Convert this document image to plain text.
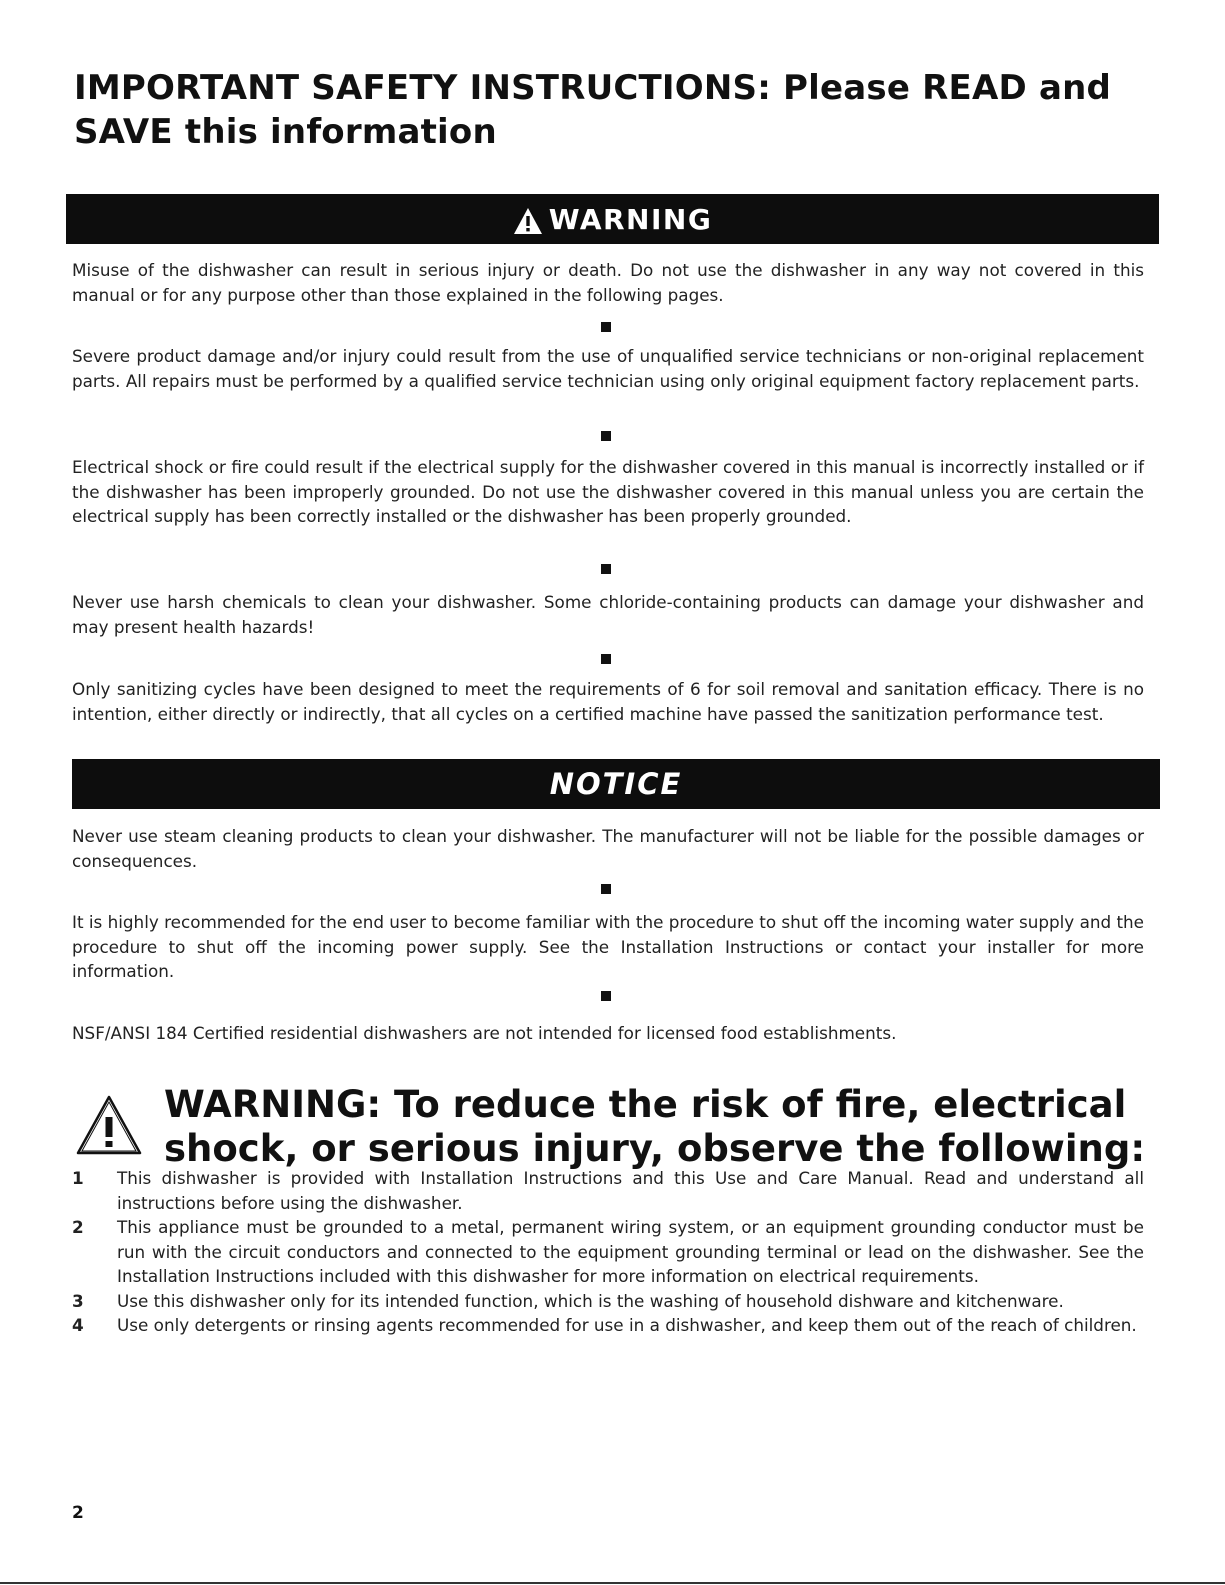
IMPORTANT SAFETY INSTRUCTIONS: Please READ and SAVE this information
WARNING

Misuse of the dishwasher can result in serious injury or death. Do not use the dishwasher in any way not covered in this manual or for any purpose other than those explained in the following pages.

Severe product damage and/or injury could result from the use of unqualified service technicians or non-original replacement parts. All repairs must be performed by a qualified service technician using only original equipment factory replacement parts.

Electrical shock or fire could result if the electrical supply for the dishwasher covered in this manual is incorrectly installed or if the dishwasher has been improperly grounded. Do not use the dishwasher covered in this manual unless you are certain the electrical supply has been correctly installed or the dishwasher has been properly grounded.

Never use harsh chemicals to clean your dishwasher. Some chloride-containing products can damage your dishwasher and may present health hazards!

Only sanitizing cycles have been designed to meet the requirements of 6 for soil removal and sanitation efficacy. There is no intention, either directly or indirectly, that all cycles on a certified machine have passed the sanitization performance test.

NOTICE

Never use steam cleaning products to clean your dishwasher. The manufacturer will not be liable for the possible damages or consequences.

It is highly recommended for the end user to become familiar with the procedure to shut off the incoming water supply and the procedure to shut off the incoming power supply. See the Installation Instructions or contact your installer for more information.

NSF/ANSI 184 Certified residential dishwashers are not intended for licensed food establishments.

WARNING: To reduce the risk of fire, electrical
shock, or serious injury, observe the following:
1 This dishwasher is provided with Installation Instructions and this Use and Care Manual. Read and understand all instructions before using the dishwasher.
2 This appliance must be grounded to a metal, permanent wiring system, or an equipment grounding conductor must be run with the circuit conductors and connected to the equipment grounding terminal or lead on the dishwasher. See the Installation Instructions included with this dishwasher for more information on electrical requirements.
3 Use this dishwasher only for its intended function, which is the washing of household dishware and kitchenware.
4 Use only detergents or rinsing agents recommended for use in a dishwasher, and keep them out of the reach of children.
2
